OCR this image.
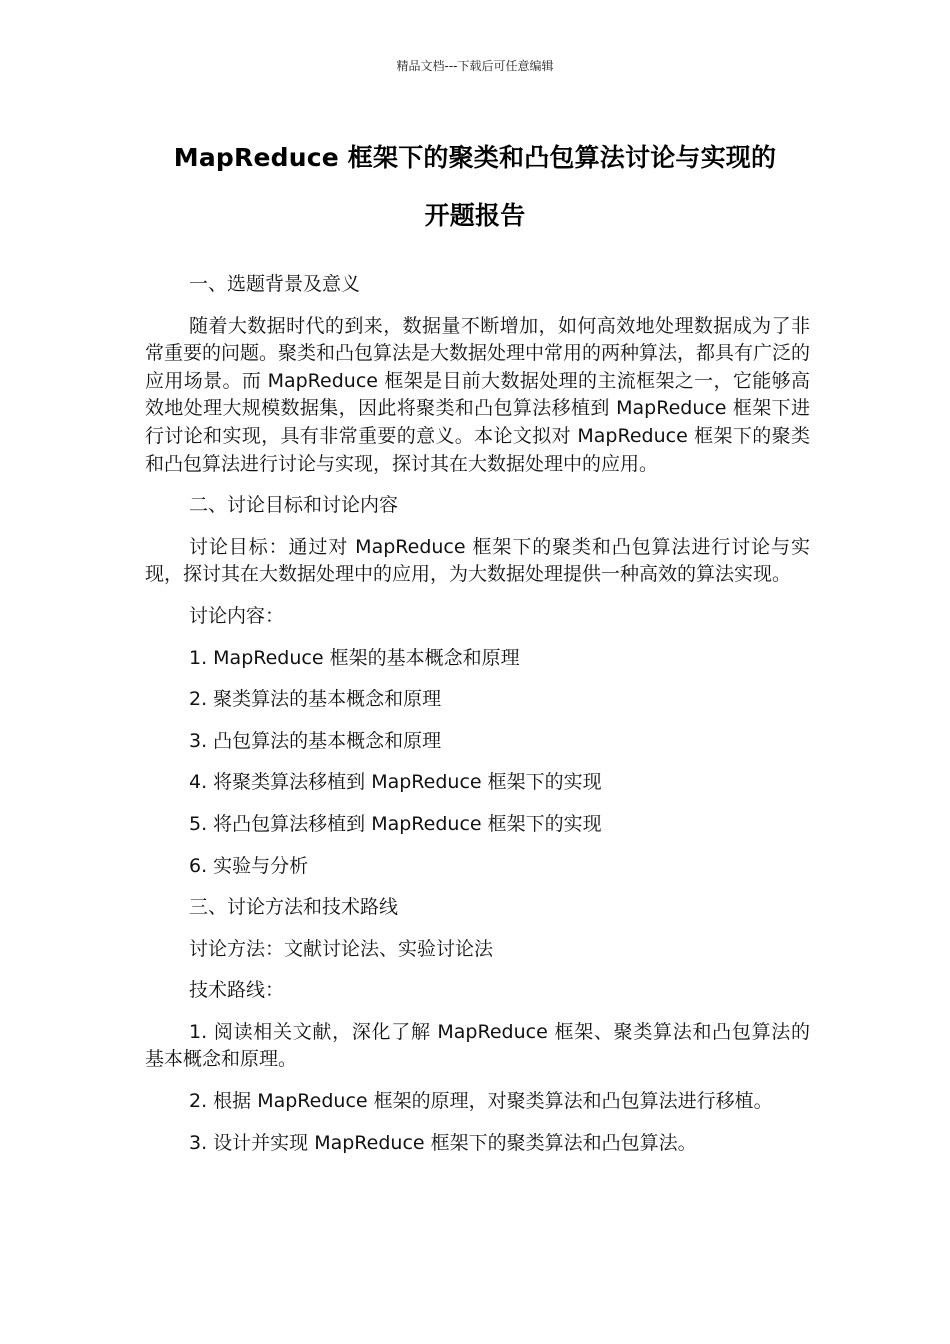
精品文档---下载后可任意编辑
MapReduce 框架下的聚类和凸包算法讨论与实现的
开题报告

一、选题背景及意义

随着大数据时代的到来，数据量不断增加，如何高效地处理数据成为了非常重要的问题。聚类和凸包算法是大数据处理中常用的两种算法，都具有广泛的应用场景。而 MapReduce 框架是目前大数据处理的主流框架之一，它能够高效地处理大规模数据集，因此将聚类和凸包算法移植到 MapReduce 框架下进行讨论和实现，具有非常重要的意义。本论文拟对 MapReduce 框架下的聚类和凸包算法进行讨论与实现，探讨其在大数据处理中的应用。

二、讨论目标和讨论内容

讨论目标：通过对 MapReduce 框架下的聚类和凸包算法进行讨论与实现，探讨其在大数据处理中的应用，为大数据处理提供一种高效的算法实现。

讨论内容：

1. MapReduce 框架的基本概念和原理

2. 聚类算法的基本概念和原理

3. 凸包算法的基本概念和原理

4. 将聚类算法移植到 MapReduce 框架下的实现

5. 将凸包算法移植到 MapReduce 框架下的实现

6. 实验与分析

三、讨论方法和技术路线

讨论方法：文献讨论法、实验讨论法

技术路线：

1. 阅读相关文献，深化了解 MapReduce 框架、聚类算法和凸包算法的基本概念和原理。

2. 根据 MapReduce 框架的原理，对聚类算法和凸包算法进行移植。

3. 设计并实现 MapReduce 框架下的聚类算法和凸包算法。
